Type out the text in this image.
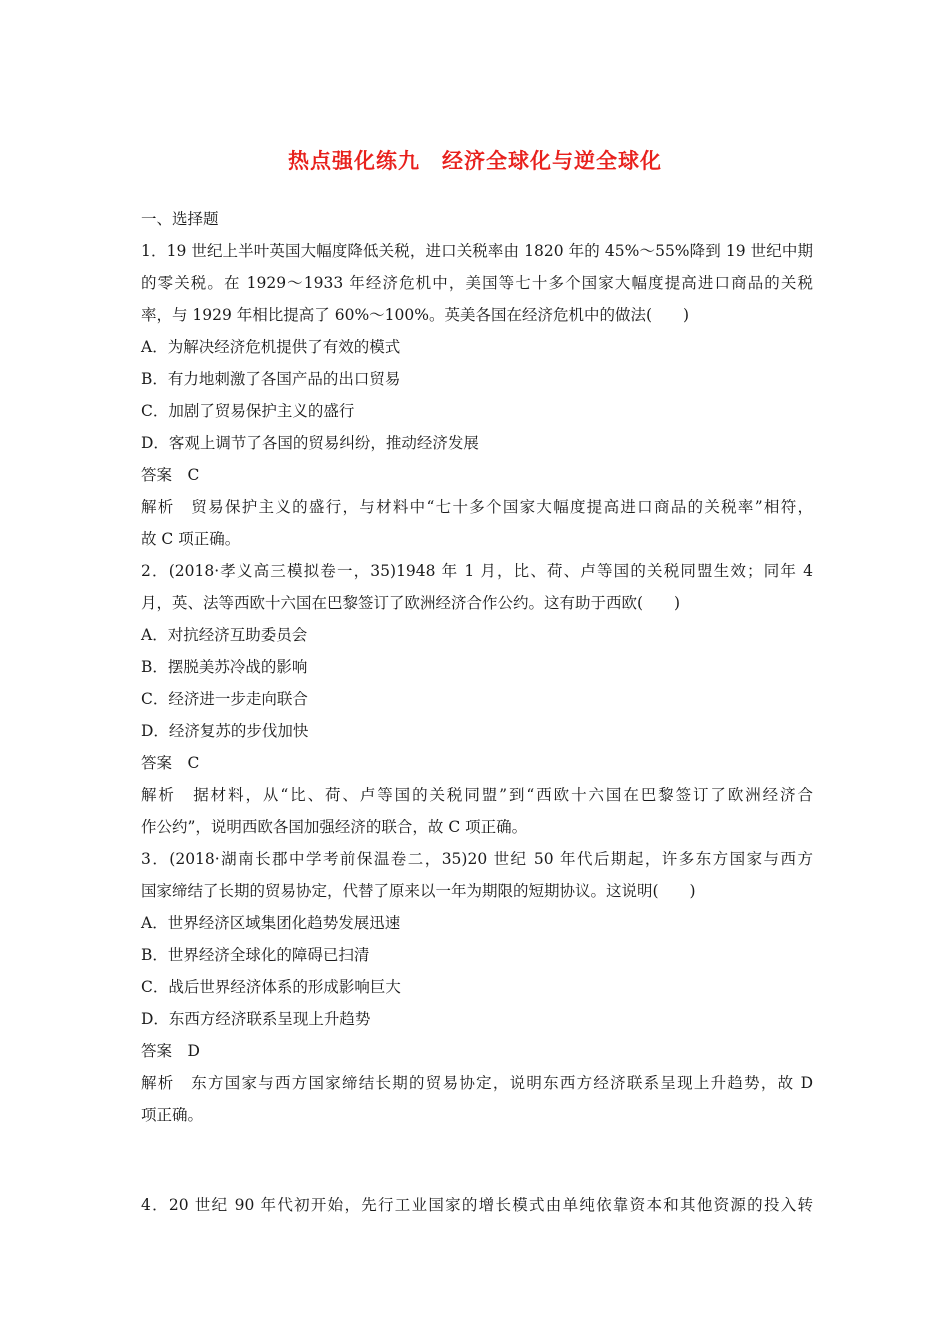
热点强化练九　经济全球化与逆全球化
一、选择题
1．19 世纪上半叶英国大幅度降低关税，进口关税率由 1820 年的 45%～55%降到 19 世纪中期
的零关税。在 1929～1933 年经济危机中，美国等七十多个国家大幅度提高进口商品的关税
率，与 1929 年相比提高了 60%～100%。英美各国在经济危机中的做法(　　)
A．为解决经济危机提供了有效的模式
B．有力地刺激了各国产品的出口贸易
C．加剧了贸易保护主义的盛行
D．客观上调节了各国的贸易纠纷，推动经济发展
答案　C
解析　贸易保护主义的盛行，与材料中“七十多个国家大幅度提高进口商品的关税率”相符，
故 C 项正确。
2．(2018·孝义高三模拟卷一，35)1948 年 1 月，比、荷、卢等国的关税同盟生效；同年 4
月，英、法等西欧十六国在巴黎签订了欧洲经济合作公约。这有助于西欧(　　)
A．对抗经济互助委员会
B．摆脱美苏冷战的影响
C．经济进一步走向联合
D．经济复苏的步伐加快
答案　C
解析　据材料，从“比、荷、卢等国的关税同盟”到“西欧十六国在巴黎签订了欧洲经济合
作公约”，说明西欧各国加强经济的联合，故 C 项正确。
3．(2018·湖南长郡中学考前保温卷二，35)20 世纪 50 年代后期起，许多东方国家与西方
国家缔结了长期的贸易协定，代替了原来以一年为期限的短期协议。这说明(　　)
A．世界经济区域集团化趋势发展迅速
B．世界经济全球化的障碍已扫清
C．战后世界经济体系的形成影响巨大
D．东西方经济联系呈现上升趋势
答案　D
解析　东方国家与西方国家缔结长期的贸易协定，说明东西方经济联系呈现上升趋势，故 D
项正确。
4．20 世纪 90 年代初开始，先行工业国家的增长模式由单纯依靠资本和其他资源的投入转
